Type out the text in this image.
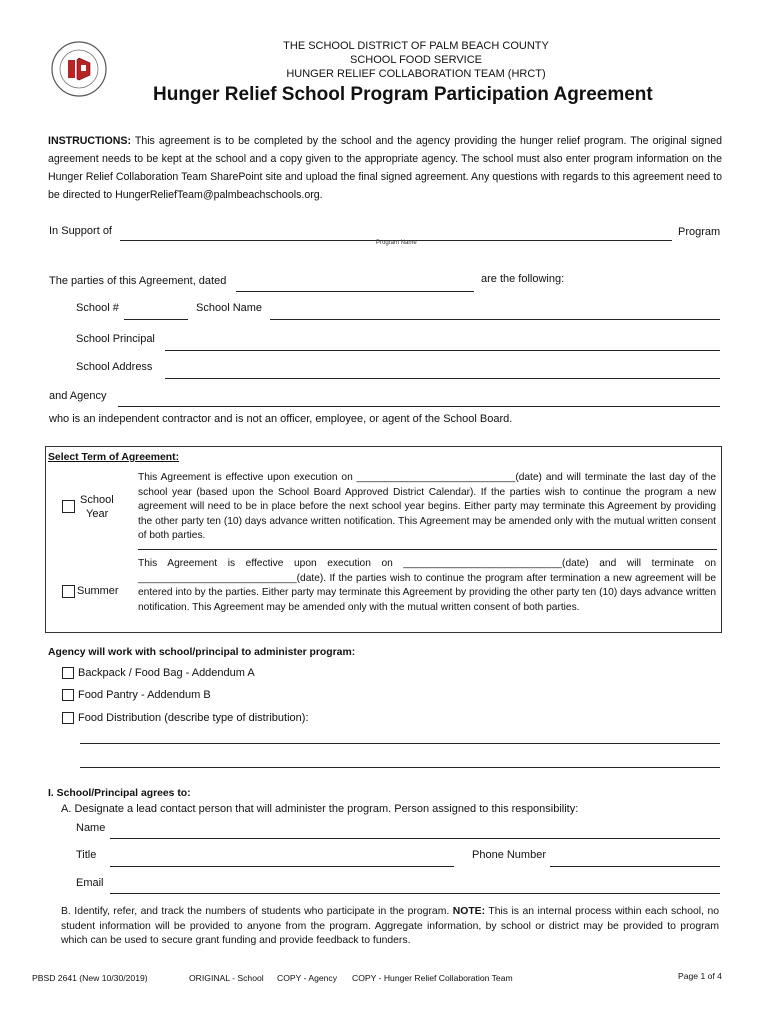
THE SCHOOL DISTRICT OF PALM BEACH COUNTY
SCHOOL FOOD SERVICE
HUNGER RELIEF COLLABORATION TEAM (HRCT)
Hunger Relief School Program Participation Agreement
INSTRUCTIONS: This agreement is to be completed by the school and the agency providing the hunger relief program. The original signed agreement needs to be kept at the school and a copy given to the appropriate agency. The school must also enter program information on the Hunger Relief Collaboration Team SharePoint site and upload the final signed agreement. Any questions with regards to this agreement need to be directed to HungerReliefTeam@palmbeachschools.org.
In Support of	Program
Program Name
The parties of this Agreement, dated	are the following:
School #	School Name
School Principal
School Address
and Agency
who is an independent contractor and is not an officer, employee, or agent of the School Board.
Select Term of Agreement:
School
Year
This Agreement is effective upon execution on ____________________________(date) and will terminate the last day of the school year (based upon the School Board Approved District Calendar). If the parties wish to continue the program a new agreement will need to be in place before the next school year begins. Either party may terminate this Agreement by providing the other party ten (10) days advance written notification. This Agreement may be amended only with the mutual written consent of both parties.
Summer
This Agreement is effective upon execution on ____________________________(date) and will terminate on ____________________________(date). If the parties wish to continue the program after termination a new agreement will be entered into by the parties. Either party may terminate this Agreement by providing the other party ten (10) days advance written notification. This Agreement may be amended only with the mutual written consent of both parties.
Agency will work with school/principal to administer program:
Backpack / Food Bag - Addendum A
Food Pantry - Addendum B
Food Distribution (describe type of distribution):
I. School/Principal agrees to:
A. Designate a lead contact person that will administer the program. Person assigned to this responsibility:
Name
Title	Phone Number
Email
B. Identify, refer, and track the numbers of students who participate in the program. NOTE: This is an internal process within each school, no student information will be provided to anyone from the program. Aggregate information, by school or district may be provided to program which can be used to secure grant funding and provide feedback to funders.
PBSD 2641 (New 10/30/2019)	ORIGINAL - School COPY - Agency COPY - Hunger Relief Collaboration Team	Page 1 of 4
